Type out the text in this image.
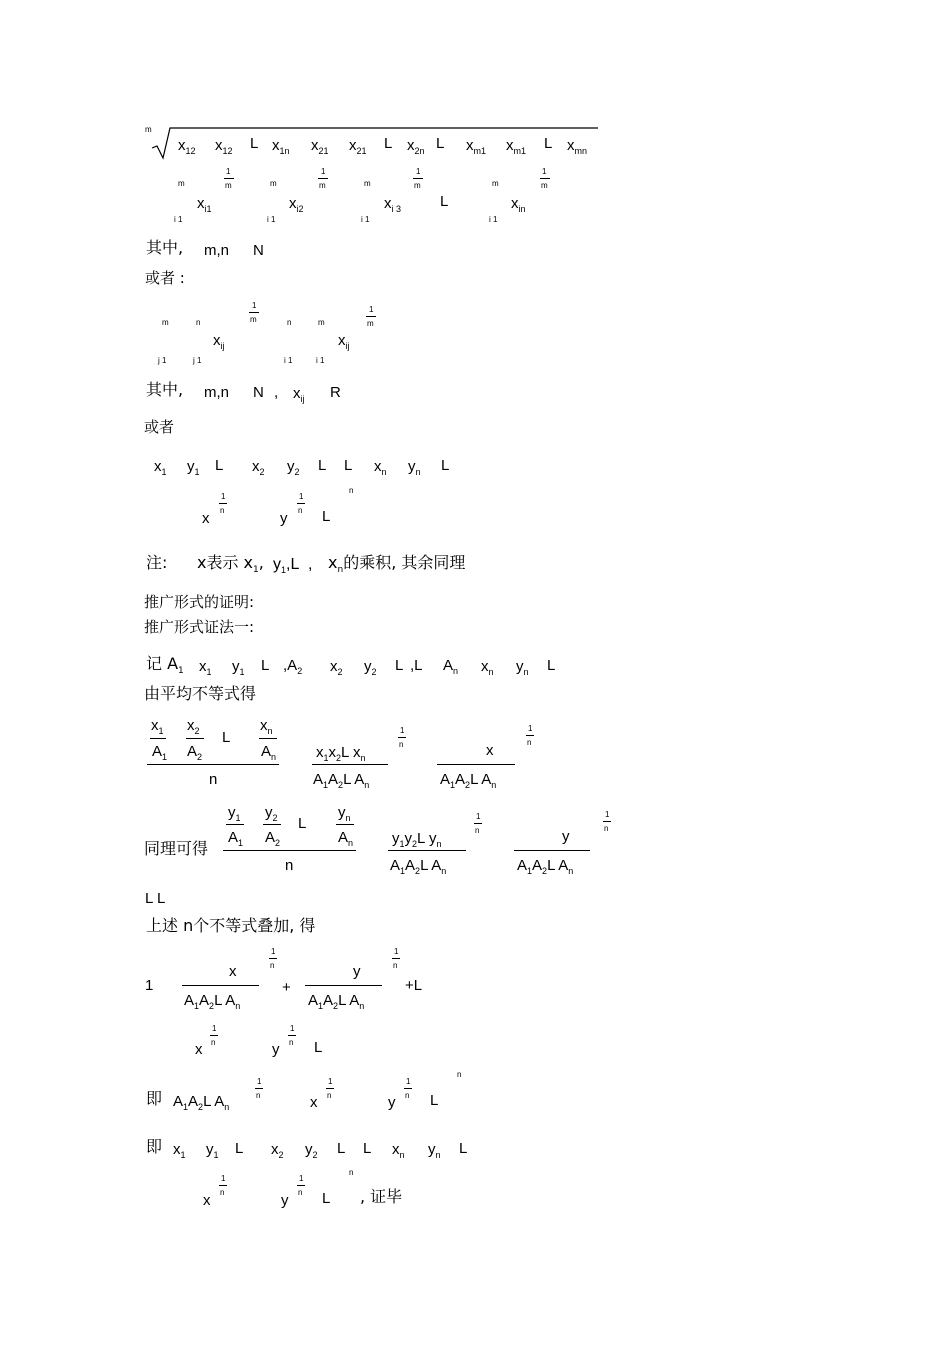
m
$x_{12}$ $x_{12}$ L $x_{1n}$ $x_{21}$ $x_{21}$ L $x_{2n}$ L $x_{m1}$ $x_{m1}$ L $x_{mn}$
m
1
m
$x_{i1}$
i 1
m
1
m
$x_{i2}$
i 1
m
1
m
$x_{i 3}$
i 1
L
m
1
m
$x_{in}$
i 1
其中, m,n N
或者 :
m	n
$x_{ij}$
j 1	j 1
1
m	n	m
$x_{ij}$
i 1	i 1
1
m
其中, m,n N , $x_{ij}$ R
或者
$x_1$ $y_1$ L $x_2$ $y_2$ L L $x_n$ $y_n$ L
x
1
n	y
1
n L
n
注: x表示 $x_1$, $y_1,L$ , $x_n$的乘积, 其余同理
推广形式的证明:
推广形式证法一:
记 $A_1$ $x_1$ $y_1$ L $,A_2$ $x_2$ $y_2$ L ,L $A_n$ $x_n$ $y_n$ L
由平均不等式得
$x_1$
$A_1$
$x_2$
$A_2$
L
$x_n$
$A_n$
n
$x_1x_2L$ $x_n$
$A_1A_2L$ $A_n$
1
n	x
$A_1A_2L$ $A_n$
1
n
同理可得
$y_1$
$A_1$
$y_2$
$A_2$
L
$y_n$
$A_n$
n
$y_1y_2L$ $y_n$
$A_1A_2L$ $A_n$
1
n	y
$A_1A_2L$ $A_n$
1
n
L L
上述 n个不等式叠加, 得
1
x
$A_1A_2L$ $A_n$
1
n
+
y
$A_1A_2L$ $A_n$
1
n
+L
x
1
n	y
1
n L
即 $A_1A_2L$ $A_n$
1
n	x
1
n	y
1
n L
n
即 $x_1$ $y_1$ L $x_2$ $y_2$ L L $x_n$ $y_n$ L
x
1
n	y
1
n L
n
, 证毕
